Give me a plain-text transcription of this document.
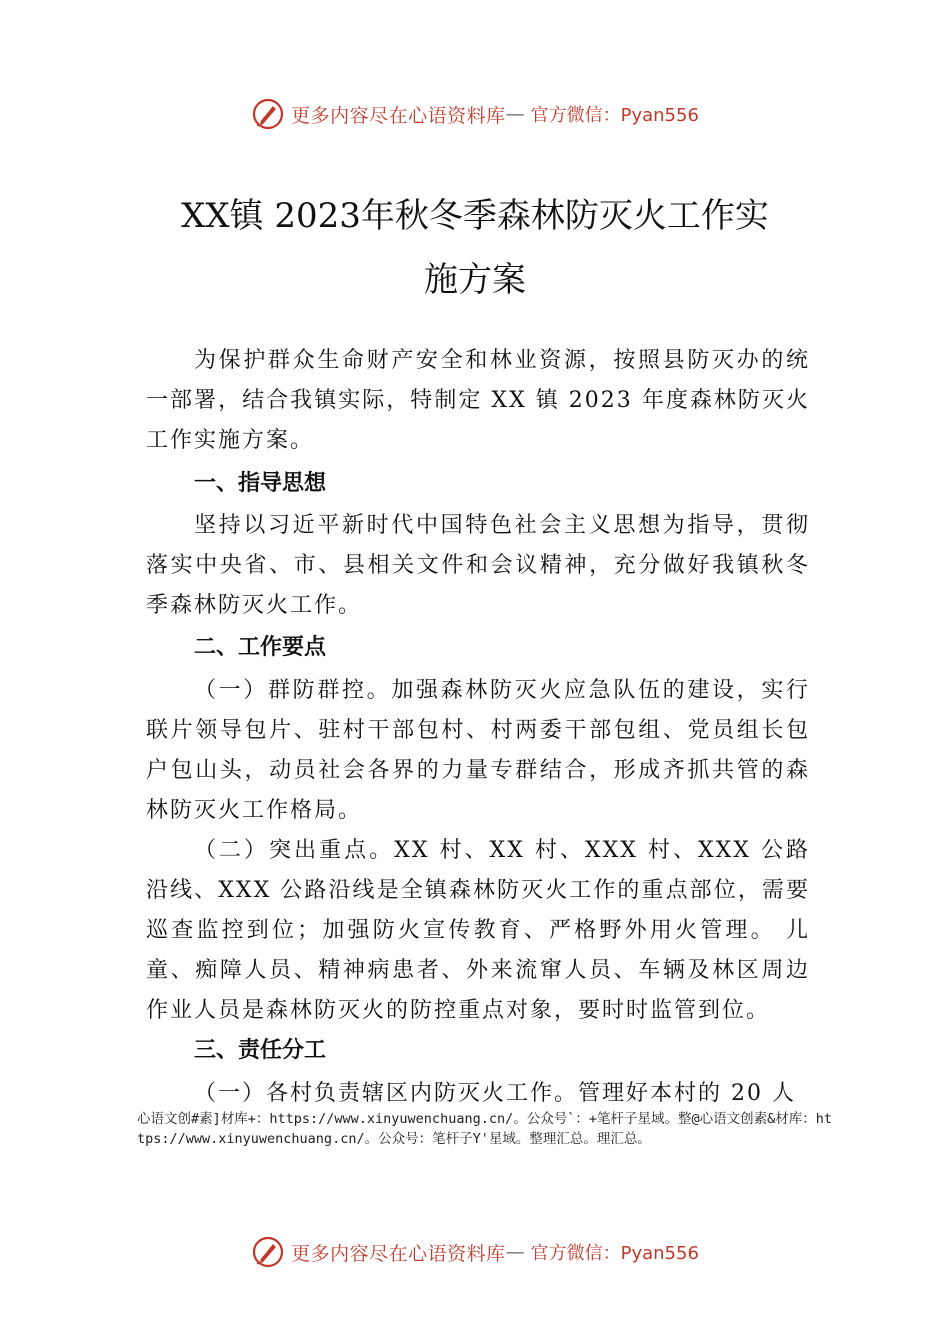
更多内容尽在心语资料库 — 官方微信：Pyan556
XX镇 2023年秋冬季森林防灭火工作实
施方案
为保护群众生命财产安全和林业资源，按照县防灭办的统一部署，结合我镇实际，特制定 XX 镇 2023 年度森林防灭火工作实施方案。
一、指导思想
坚持以习近平新时代中国特色社会主义思想为指导，贯彻落实中央省、市、县相关文件和会议精神，充分做好我镇秋冬季森林防灭火工作。
二、工作要点
（一）群防群控。加强森林防灭火应急队伍的建设，实行联片领导包片、驻村干部包村、村两委干部包组、党员组长包户包山头，动员社会各界的力量专群结合，形成齐抓共管的森林防灭火工作格局。
（二）突出重点。XX 村、XX 村、XXX 村、XXX 公路沿线、XXX 公路沿线是全镇森林防灭火工作的重点部位，需要巡查监控到位；加强防火宣传教育、严格野外用火管理。 儿童、痴障人员、精神病患者、外来流窜人员、车辆及林区周边作业人员是森林防灭火的防控重点对象，要时时监管到位。
三、责任分工
（一）各村负责辖区内防灭火工作。管理好本村的 20 人
心语文创#素]材库+：https://www.xinyuwenchuang.cn/。公众号`：+笔杆子星域。整@心语文创素&材库：https://www.xinyuwenchuang.cn/。公众号：笔杆子Y'星域。整理汇总。理汇总。
更多内容尽在心语资料库 — 官方微信：Pyan556
